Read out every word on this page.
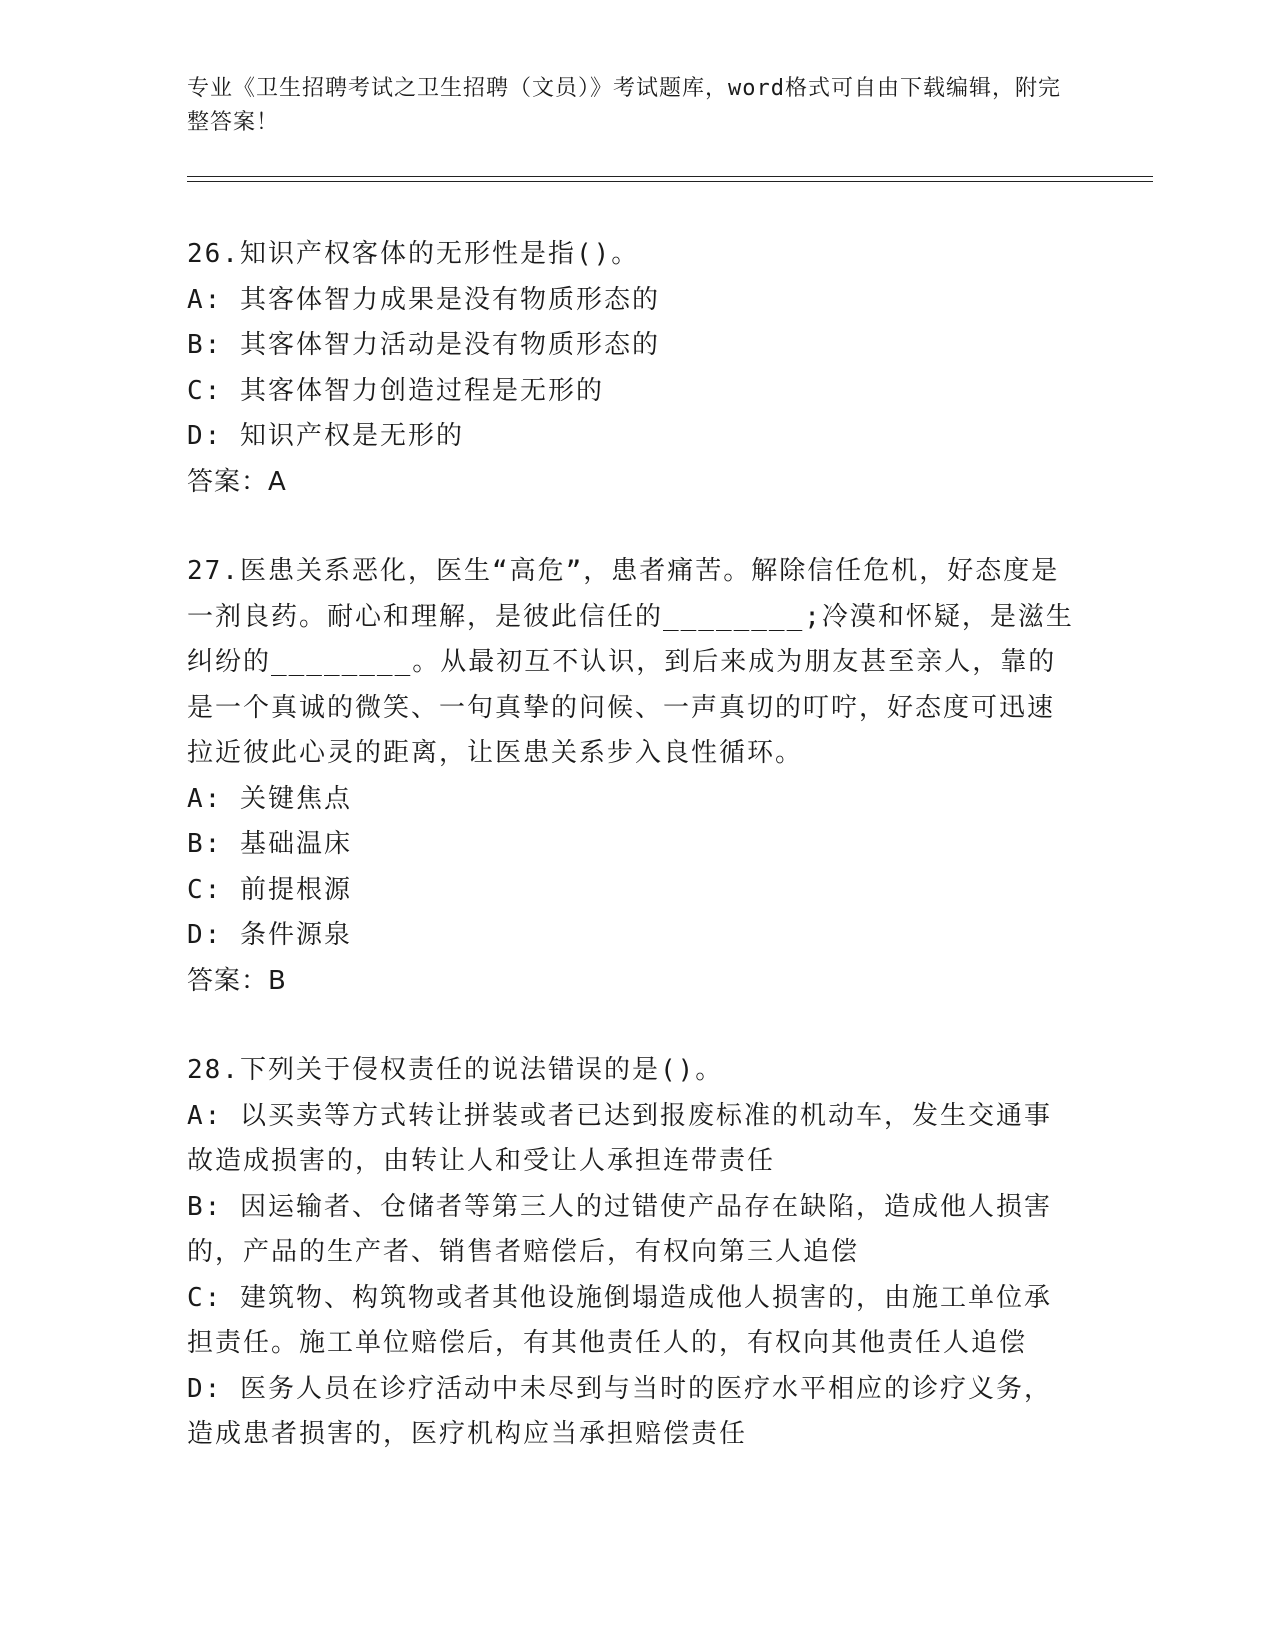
专业《卫生招聘考试之卫生招聘（文员）》考试题库，word格式可自由下载编辑，附完整答案！
26.知识产权客体的无形性是指()。
A: 其客体智力成果是没有物质形态的
B: 其客体智力活动是没有物质形态的
C: 其客体智力创造过程是无形的
D: 知识产权是无形的
答案：A
27.医患关系恶化，医生“高危”，患者痛苦。解除信任危机，好态度是一剂良药。耐心和理解，是彼此信任的________;冷漠和怀疑，是滋生纠纷的________。从最初互不认识，到后来成为朋友甚至亲人，靠的是一个真诚的微笑、一句真挚的问候、一声真切的叮咛，好态度可迅速拉近彼此心灵的距离，让医患关系步入良性循环。
A: 关键焦点
B: 基础温床
C: 前提根源
D: 条件源泉
答案：B
28.下列关于侵权责任的说法错误的是()。
A: 以买卖等方式转让拼装或者已达到报废标准的机动车，发生交通事故造成损害的，由转让人和受让人承担连带责任
B: 因运输者、仓储者等第三人的过错使产品存在缺陷，造成他人损害的，产品的生产者、销售者赔偿后，有权向第三人追偿
C: 建筑物、构筑物或者其他设施倒塌造成他人损害的，由施工单位承担责任。施工单位赔偿后，有其他责任人的，有权向其他责任人追偿
D: 医务人员在诊疗活动中未尽到与当时的医疗水平相应的诊疗义务，造成患者损害的，医疗机构应当承担赔偿责任
